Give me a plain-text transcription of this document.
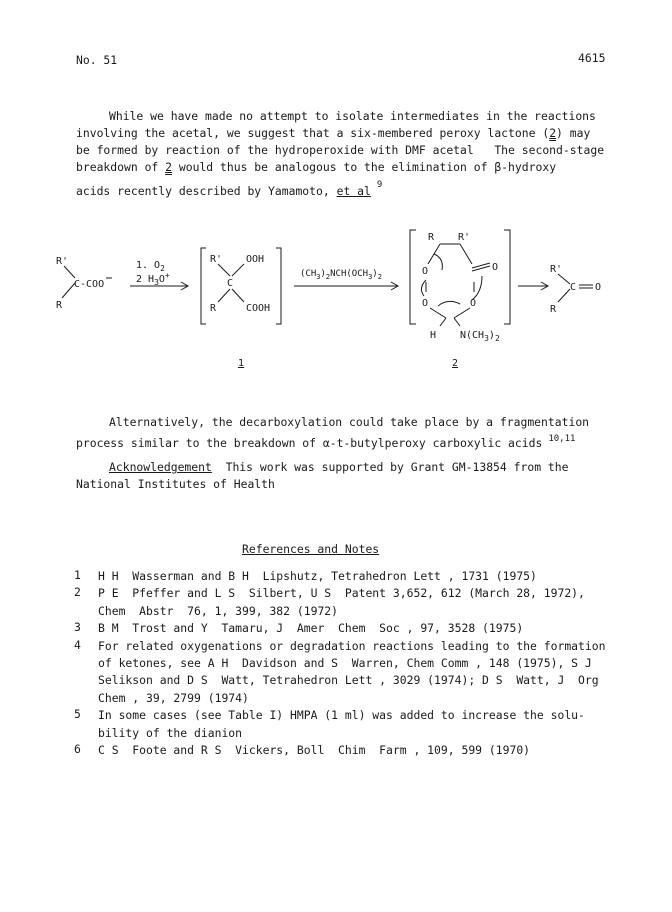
No. 51	4615
While we have made no attempt to isolate intermediates in the reactions
involving the acetal, we suggest that a six-membered peroxy lactone (2) may
be formed by reaction of the hydroperoxide with DMF acetal   The second-stage
breakdown of 2 would thus be analogous to the elimination of β-hydroxy
acids recently described by Yamamoto, et al $^9$
R'
C-COO
R
1. $O_2$
2 $H_3O^+$
R' OOH
C
R	COOH
$(CH_3)_2NCH(OCH_3)_2$
R R'
O	O
O	O
H $N(CH_3)_2$
R'
C O
R
1	2
Alternatively, the decarboxylation could take place by a fragmentation
process similar to the breakdown of α-t-butylperoxy carboxylic acids $^{10,11}$
Acknowledgement This work was supported by Grant GM-13854 from the
National Institutes of Health
References and Notes
1 H H  Wasserman and B H  Lipshutz, Tetrahedron Lett , 1731 (1975)
2 P E  Pfeffer and L S  Silbert, U S  Patent 3,652, 612 (March 28, 1972),
Chem  Abstr  76, 1, 399, 382 (1972)
3 B M  Trost and Y  Tamaru, J  Amer  Chem  Soc , 97, 3528 (1975)
4 For related oxygenations or degradation reactions leading to the formation
of ketones, see A H  Davidson and S  Warren, Chem Comm , 148 (1975), S J
Selikson and D S  Watt, Tetrahedron Lett , 3029 (1974); D S  Watt, J  Org
Chem , 39, 2799 (1974)
5 In some cases (see Table I) HMPA (1 ml) was added to increase the solu-
bility of the dianion
6 C S  Foote and R S  Vickers, Boll  Chim  Farm , 109, 599 (1970)
